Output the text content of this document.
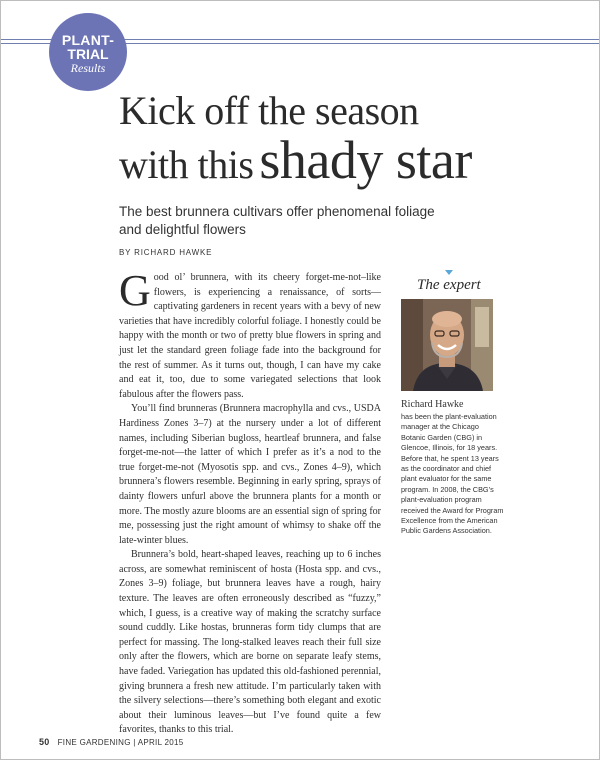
PLANT-
TRIAL
Results
Kick off the season
with this shady star
The best brunnera cultivars offer phenomenal foliage and delightful flowers
BY RICHARD HAWKE

Good ol’ brunnera, with its cheery forget-me-not–like flowers, is experiencing a renaissance, of sorts—captivating gardeners in recent years with a bevy of new varieties that have incredibly colorful foliage. I honestly could be happy with the month or two of pretty blue flowers in spring and just let the standard green foliage fade into the background for the rest of summer. As it turns out, though, I can have my cake and eat it, too, due to some variegated selections that look fabulous after the flowers pass.

You’ll find brunneras (Brunnera macrophylla and cvs., USDA Hardiness Zones 3–7) at the nursery under a lot of different names, including Siberian bugloss, heartleaf brunnera, and false forget-me-not—the latter of which I prefer as it’s a nod to the true forget-me-not (Myosotis spp. and cvs., Zones 4–9), which brunnera’s flowers resemble. Beginning in early spring, sprays of dainty flowers unfurl above the brunnera plants for a month or more. The mostly azure blooms are an essential sign of spring for me, possessing just the right amount of whimsy to shake off the late-winter blues.

Brunnera’s bold, heart-shaped leaves, reaching up to 6 inches across, are somewhat reminiscent of hosta (Hosta spp. and cvs., Zones 3–9) foliage, but brunnera leaves have a rough, hairy texture. The leaves are often erroneously described as “fuzzy,” which, I guess, is a creative way of making the scratchy surface sound cuddly. Like hostas, brunneras form tidy clumps that are perfect for massing. The long-stalked leaves reach their full size only after the flowers, which are borne on separate leafy stems, have faded. Variegation has updated this old-fashioned perennial, giving brunnera a fresh new attitude. I’m particularly taken with the silvery selections—there’s something both elegant and exotic about their luminous leaves—but I’ve found quite a few favorites, thanks to this trial.

The expert
Richard Hawke
has been the plant-evaluation manager at the Chicago Botanic Garden (CBG) in Glencoe, Illinois, for 18 years. Before that, he spent 13 years as the coordinator and chief plant evaluator for the same program. In 2008, the CBG’s plant-evaluation program received the Award for Program Excellence from the American Public Gardens Association.
50 FINE GARDENING | APRIL 2015
